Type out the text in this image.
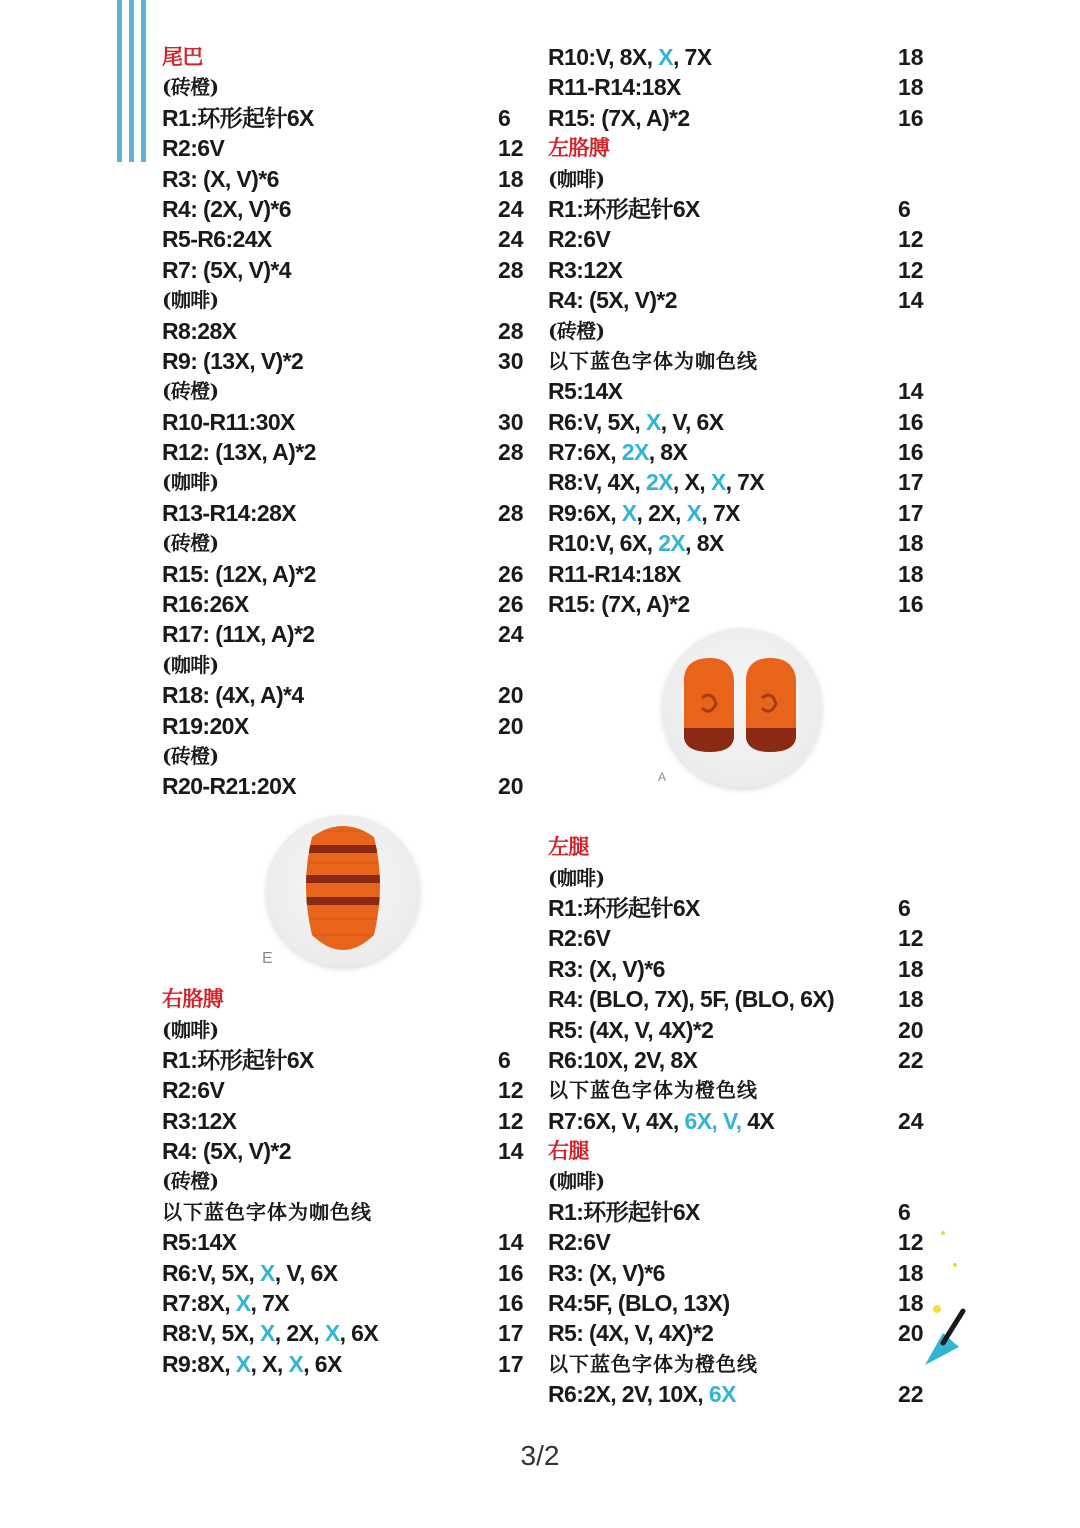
尾巴
(砖橙)
R1:环形起针6X	6
R2:6V	12
R3: (X, V)*6	18
R4: (2X, V)*6	24
R5-R6:24X	24
R7: (5X, V)*4	28
(咖啡)
R8:28X	28
R9: (13X, V)*2	30
(砖橙)
R10-R11:30X	30
R12: (13X, A)*2	28
(咖啡)
R13-R14:28X	28
(砖橙)
R15: (12X, A)*2	26
R16:26X	26
R17: (11X, A)*2	24
(咖啡)
R18: (4X, A)*4	20
R19:20X	20
(砖橙)
R20-R21:20X	20
右胳膊
(咖啡)
R1:环形起针6X	6
R2:6V	12
R3:12X	12
R4: (5X, V)*2	14
(砖橙)
以下蓝色字体为咖色线
R5:14X	14
R6:V, 5X, X, V, 6X	16
R7:8X, X, 7X	16
R8:V, 5X, X, 2X, X, 6X	17
R9:8X, X, X, X, 6X	17
R10:V, 8X, X, 7X	18
R11-R14:18X	18
R15: (7X, A)*2	16
左胳膊
(咖啡)
R1:环形起针6X	6
R2:6V	12
R3:12X	12
R4: (5X, V)*2	14
(砖橙)
以下蓝色字体为咖色线
R5:14X	14
R6:V, 5X, X, V, 6X	16
R7:6X, 2X, 8X	16
R8:V, 4X, 2X, X, X, 7X	17
R9:6X, X, 2X, X, 7X	17
R10:V, 6X, 2X, 8X	18
R11-R14:18X	18
R15: (7X, A)*2	16
左腿
(咖啡)
R1:环形起针6X	6
R2:6V	12
R3: (X, V)*6	18
R4: (BLO, 7X), 5F, (BLO, 6X)	18
R5: (4X, V, 4X)*2	20
R6:10X, 2V, 8X	22
以下蓝色字体为橙色线
R7:6X, V, 4X, 6X, V, 4X	24
右腿
(咖啡)
R1:环形起针6X	6
R2:6V	12
R3: (X, V)*6	18
R4:5F, (BLO, 13X)	18
R5: (4X, V, 4X)*2	20
以下蓝色字体为橙色线
R6:2X, 2V, 10X, 6X	22
E
A
3/2
